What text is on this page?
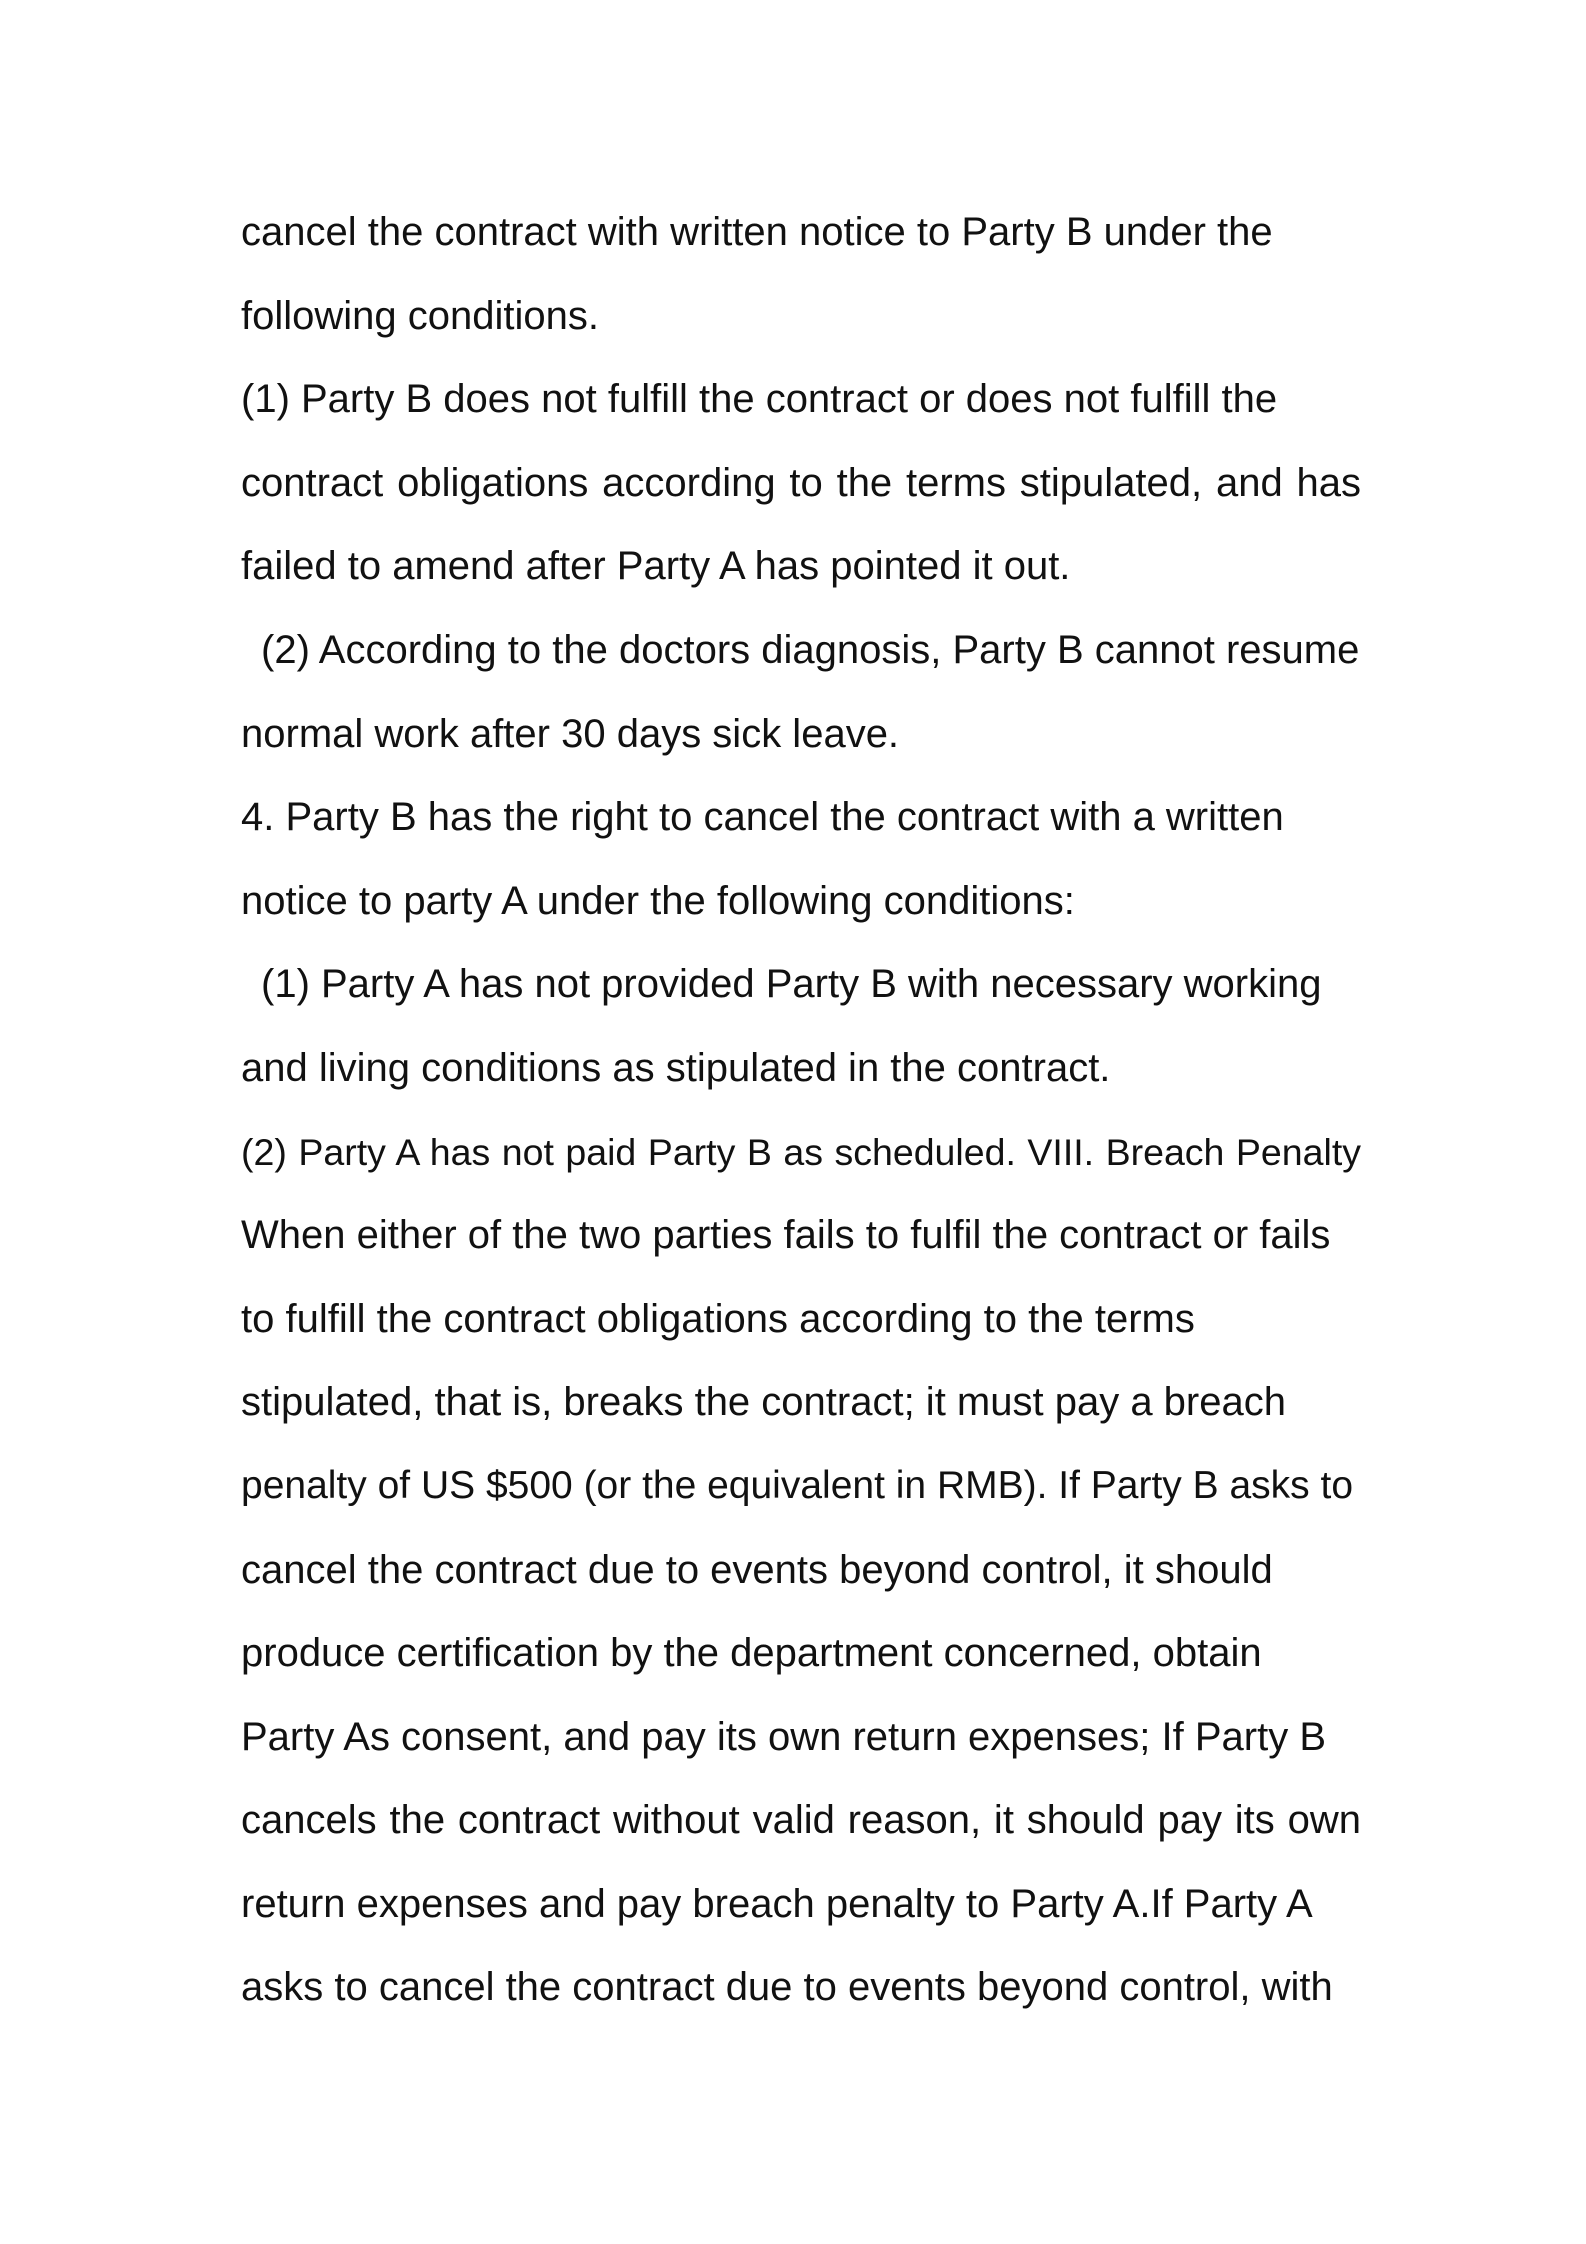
cancel the contract with written notice to Party B under the
following conditions.
(1) Party B does not fulfill the contract or does not fulfill the
contract obligations according to the terms stipulated, and has
failed to amend after Party A has pointed it out.
(2) According to the doctors diagnosis, Party B cannot resume
normal work after 30 days sick leave.
4. Party B has the right to cancel the contract with a written
notice to party A under the following conditions:
(1) Party A has not provided Party B with necessary working
and living conditions as stipulated in the contract.
(2) Party A has not paid Party B as scheduled. VIII. Breach Penalty
When either of the two parties fails to fulfil the contract or fails
to fulfill the contract obligations according to the terms
stipulated, that is, breaks the contract; it must pay a breach
penalty of US $500 (or the equivalent in RMB). If Party B asks to
cancel the contract due to events beyond control, it should
produce certification by the department concerned, obtain
Party As consent, and pay its own return expenses; If Party B
cancels the contract without valid reason, it should pay its own
return expenses and pay breach penalty to Party A.If Party A
asks to cancel the contract due to events beyond control, with
